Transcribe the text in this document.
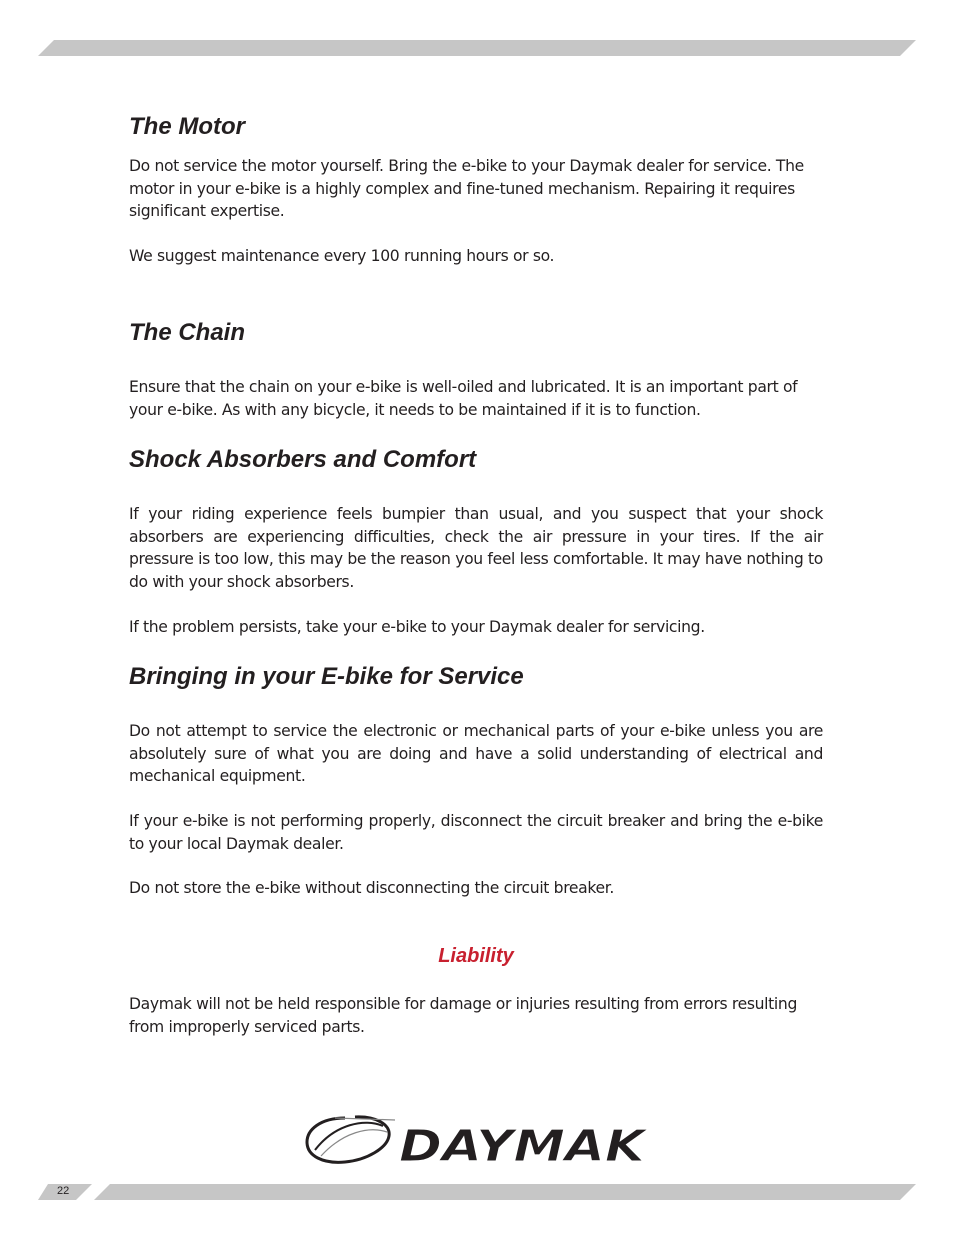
The Motor

Do not service the motor yourself. Bring the e-bike to your Daymak dealer for service. The motor in your e-bike is a highly complex and fine-tuned mechanism. Repairing it requires significant expertise.

We suggest maintenance every 100 running hours or so.

The Chain

Ensure that the chain on your e-bike is well-oiled and lubricated. It is an important part of your e-bike. As with any bicycle, it needs to be maintained if it is to function.

Shock Absorbers and Comfort

If your riding experience feels bumpier than usual, and you suspect that your shock absorbers are experiencing difficulties, check the air pressure in your tires. If the air pressure is too low, this may be the reason you feel less comfortable. It may have nothing to do with your shock absorbers.

If the problem persists, take your e-bike to your Daymak dealer for servicing.

Bringing in your E-bike for Service

Do not attempt to service the electronic or mechanical parts of your e-bike unless you are absolutely sure of what you are doing and have a solid understanding of electrical and mechanical equipment.

If your e-bike is not performing properly, disconnect the circuit breaker and bring the e-bike to your local Daymak dealer.

Do not store the e-bike without disconnecting the circuit breaker.

Liability

Daymak will not be held responsible for damage or injuries resulting from errors resulting from improperly serviced parts.

DAYMAK
22
